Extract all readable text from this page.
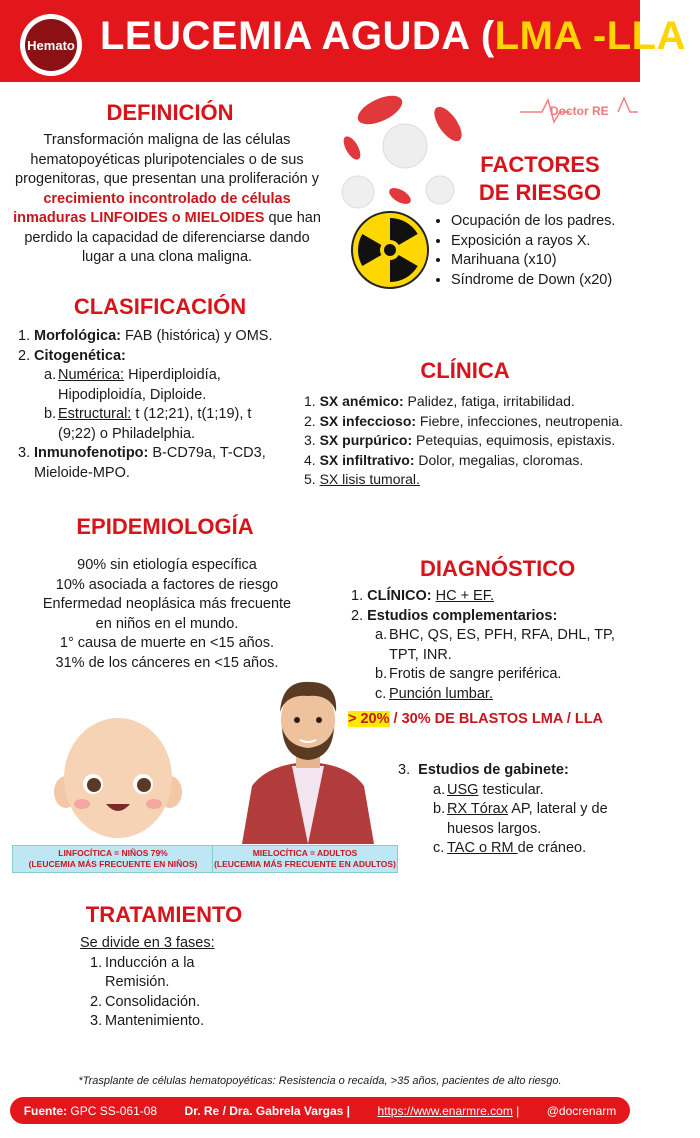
Hemato LEUCEMIA AGUDA (LMA -LLA)
Doctor RE
DEFINICIÓN
Transformación maligna de las células hematopoyéticas pluripotenciales o de sus progenitoras, que presentan una proliferación y crecimiento incontrolado de células inmaduras LINFOIDES o MIELOIDES que han perdido la capacidad de diferenciarse dando lugar a una clona maligna.
FACTORES
DE RIESGO
• Ocupación de los padres.
• Exposición a rayos X.
• Marihuana (x10)
• Síndrome de Down (x20)
CLASIFICACIÓN
1. Morfológica: FAB (histórica) y OMS.
2. Citogenética:
a. Numérica: Hiperdiploidía, Hipodiploidía, Diploide.
b. Estructural: t (12;21), t(1;19), t (9;22) o Philadelphia.
3. Inmunofenotipo: B-CD79a, T-CD3, Mieloide-MPO.
CLÍNICA
1. SX anémico: Palidez, fatiga, irritabilidad.
2. SX infeccioso: Fiebre, infecciones, neutropenia.
3. SX purpúrico: Petequias, equimosis, epistaxis.
4. SX infiltrativo: Dolor, megalias, cloromas.
5. SX lisis tumoral.
EPIDEMIOLOGÍA
90% sin etiología específica
10% asociada a factores de riesgo
Enfermedad neoplásica más frecuente en niños en el mundo.
1° causa de muerte en <15 años.
31% de los cánceres en <15 años.
DIAGNÓSTICO
1. CLÍNICO: HC + EF.
2. Estudios complementarios:
a. BHC, QS, ES, PFH, RFA, DHL, TP, TPT, INR.
b. Frotis de sangre periférica.
c. Punción lumbar.
> 20% / 30% DE BLASTOS LMA / LLA
3. Estudios de gabinete:
a. USG testicular.
b. RX Tórax AP, lateral y de huesos largos.
c. TAC o RM de cráneo.
LINFOCÍTICA = NIÑOS 79%
(LEUCEMIA MÁS FRECUENTE EN NIÑOS)
MIELOCÍTICA = ADULTOS
(LEUCEMIA MÁS FRECUENTE EN ADULTOS)
TRATAMIENTO
Se divide en 3 fases:
1. Inducción a la Remisión.
2. Consolidación.
3. Mantenimiento.
*Trasplante de células hematopoyéticas: Resistencia o recaída, >35 años, pacientes de alto riesgo.
Fuente: GPC SS-061-08 Dr. Re / Dra. Gabrela Vargas | https://www.enarmre.com | @docrenarm
